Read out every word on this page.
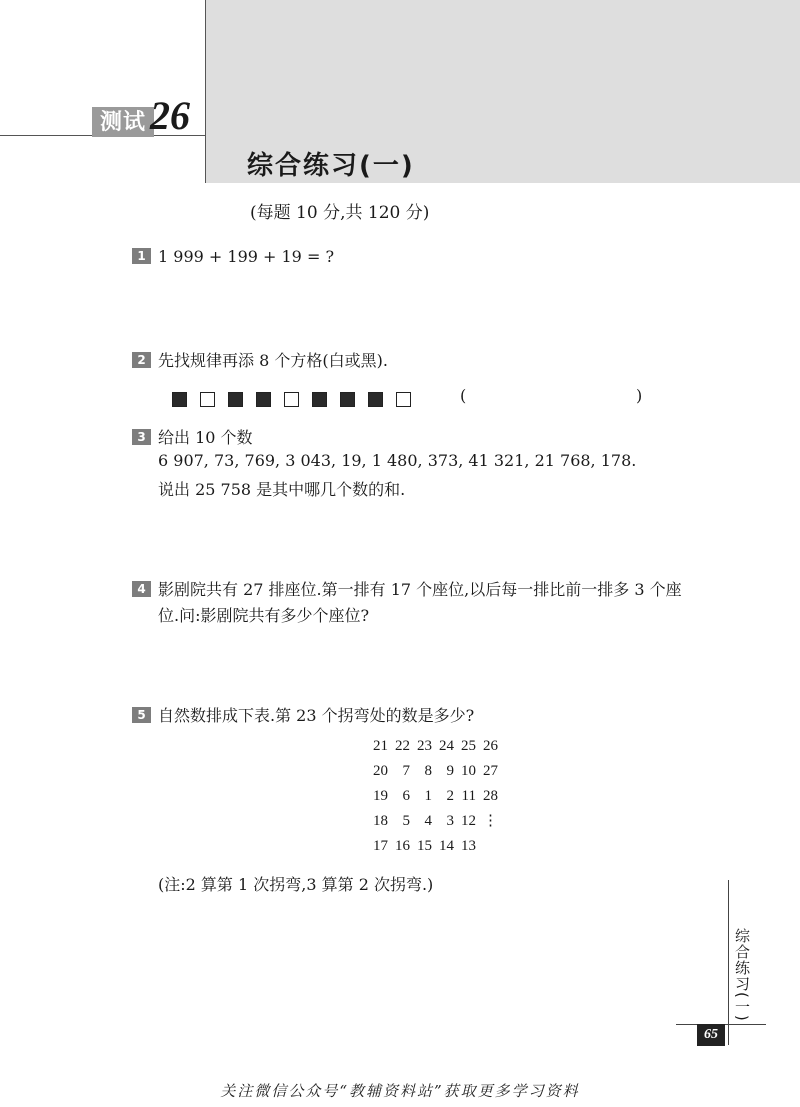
测试 26
综合练习(一)
(每题 10 分,共 120 分)
1 1 999 + 199 + 19 = ?
2 先找规律再添 8 个方格(白或黑).
(	)
3 给出 10 个数
6 907, 73, 769, 3 043, 19, 1 480, 373, 41 321, 21 768, 178.
说出 25 758 是其中哪几个数的和.
4 影剧院共有 27 排座位.第一排有 17 个座位,以后每一排比前一排多 3 个座
位.问:影剧院共有多少个座位?
5 自然数排成下表.第 23 个拐弯处的数是多少?
21 22 23 24 25 26
20 7 8 9 10 27
19 6 1 2 11 28
18 5 4 3 12 ⋮
17 16 15 14 13
(注:2 算第 1 次拐弯,3 算第 2 次拐弯.)
综合练习(一)
65
关注微信公众号“教辅资料站”获取更多学习资料
